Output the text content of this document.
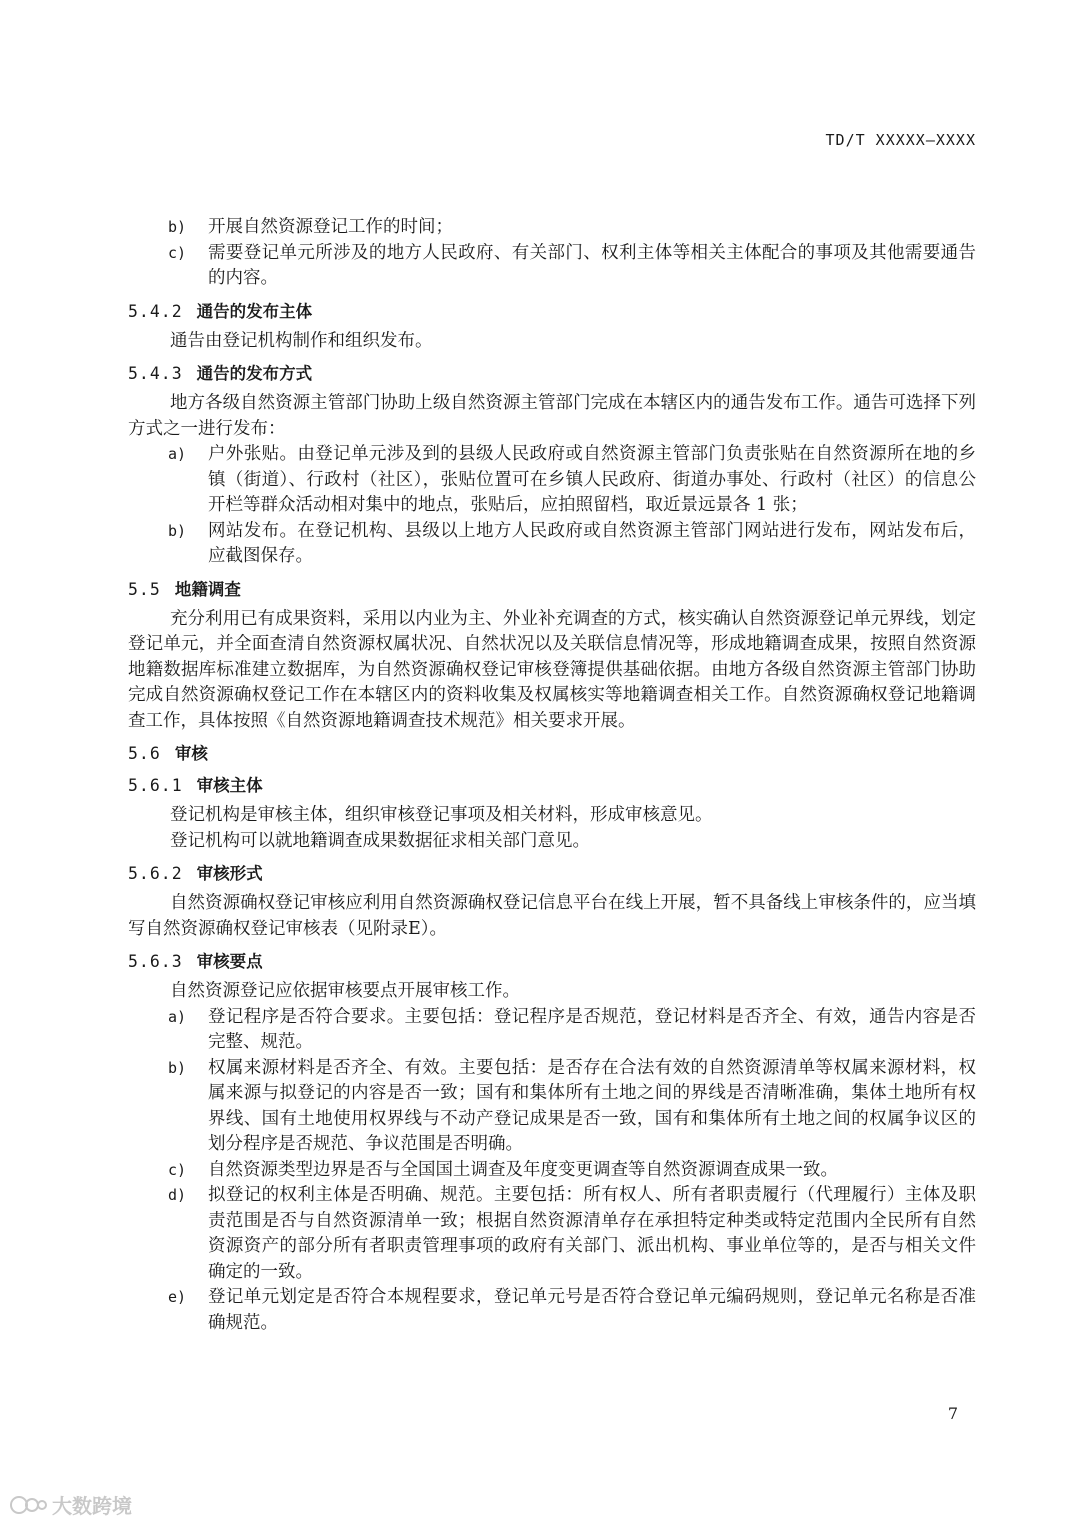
TD/T XXXXX—XXXX
b)	开展自然资源登记工作的时间；
c)	需要登记单元所涉及的地方人民政府、有关部门、权利主体等相关主体配合的事项及其他需要通告的内容。
5.4.2 通告的发布主体

通告由登记机构制作和组织发布。

5.4.3 通告的发布方式

地方各级自然资源主管部门协助上级自然资源主管部门完成在本辖区内的通告发布工作。通告可选择下列方式之一进行发布：

a)	户外张贴。由登记单元涉及到的县级人民政府或自然资源主管部门负责张贴在自然资源所在地的乡镇（街道）、行政村（社区），张贴位置可在乡镇人民政府、街道办事处、行政村（社区）的信息公开栏等群众活动相对集中的地点，张贴后，应拍照留档，取近景远景各 1 张；
b)	网站发布。在登记机构、县级以上地方人民政府或自然资源主管部门网站进行发布，网站发布后，应截图保存。
5.5 地籍调查

充分利用已有成果资料，采用以内业为主、外业补充调查的方式，核实确认自然资源登记单元界线，划定登记单元，并全面查清自然资源权属状况、自然状况以及关联信息情况等，形成地籍调查成果，按照自然资源地籍数据库标准建立数据库，为自然资源确权登记审核登簿提供基础依据。由地方各级自然资源主管部门协助完成自然资源确权登记工作在本辖区内的资料收集及权属核实等地籍调查相关工作。自然资源确权登记地籍调查工作，具体按照《自然资源地籍调查技术规范》相关要求开展。

5.6 审核
5.6.1 审核主体

登记机构是审核主体，组织审核登记事项及相关材料，形成审核意见。

登记机构可以就地籍调查成果数据征求相关部门意见。

5.6.2 审核形式

自然资源确权登记审核应利用自然资源确权登记信息平台在线上开展，暂不具备线上审核条件的，应当填写自然资源确权登记审核表（见附录E）。

5.6.3 审核要点

自然资源登记应依据审核要点开展审核工作。

a)	登记程序是否符合要求。主要包括：登记程序是否规范，登记材料是否齐全、有效，通告内容是否完整、规范。
b)	权属来源材料是否齐全、有效。主要包括：是否存在合法有效的自然资源清单等权属来源材料，权属来源与拟登记的内容是否一致；国有和集体所有土地之间的界线是否清晰准确，集体土地所有权界线、国有土地使用权界线与不动产登记成果是否一致，国有和集体所有土地之间的权属争议区的划分程序是否规范、争议范围是否明确。
c)	自然资源类型边界是否与全国国土调查及年度变更调查等自然资源调查成果一致。
d)	拟登记的权利主体是否明确、规范。主要包括：所有权人、所有者职责履行（代理履行）主体及职责范围是否与自然资源清单一致；根据自然资源清单存在承担特定种类或特定范围内全民所有自然资源资产的部分所有者职责管理事项的政府有关部门、派出机构、事业单位等的，是否与相关文件确定的一致。
e)	登记单元划定是否符合本规程要求，登记单元号是否符合登记单元编码规则，登记单元名称是否准确规范。
7
大数跨境
